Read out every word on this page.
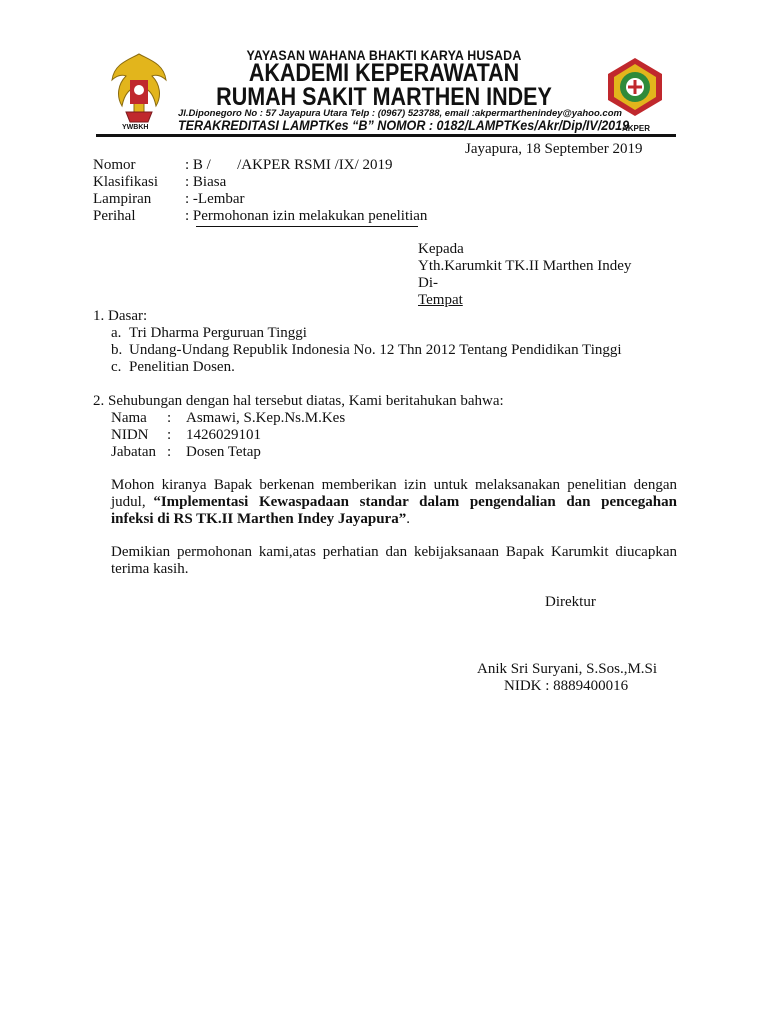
YWBKH
YAYASAN WAHANA BHAKTI KARYA HUSADA
AKADEMI KEPERAWATAN
RUMAH SAKIT MARTHEN INDEY
Jl.Diponegoro No : 57 Jayapura Utara Telp : (0967) 523788, email :akpermarthenindey@yahoo.com
TERAKREDITASI LAMPTKes “B” NOMOR : 0182/LAMPTKes/Akr/Dip/IV/2019
AKPER
Jayapura, 18 September 2019
Nomor	: B /       /AKPER RSMI /IX/ 2019
Klasifikasi : Biasa
Lampiran : -Lembar
Perihal	: Permohonan izin melakukan penelitian
Kepada
Yth.Karumkit TK.II Marthen Indey
Di-
Tempat
1. Dasar:
a. Tri Dharma Perguruan Tinggi
b. Undang-Undang Republik Indonesia No. 12 Thn 2012 Tentang Pendidikan Tinggi
c. Penelitian Dosen.
2. Sehubungan dengan hal tersebut diatas, Kami beritahukan bahwa:
Nama : Asmawi, S.Kep.Ns.M.Kes
NIDN : 1426029101
Jabatan : Dosen Tetap
Mohon kiranya Bapak berkenan memberikan izin untuk melaksanakan penelitian dengan
judul, “Implementasi Kewaspadaan standar dalam pengendalian dan pencegahan
infeksi di RS TK.II Marthen Indey Jayapura”.
Demikian permohonan kami,atas perhatian dan kebijaksanaan Bapak Karumkit diucapkan
terima kasih.
Direktur
Anik Sri Suryani, S.Sos.,M.Si
NIDK : 8889400016
